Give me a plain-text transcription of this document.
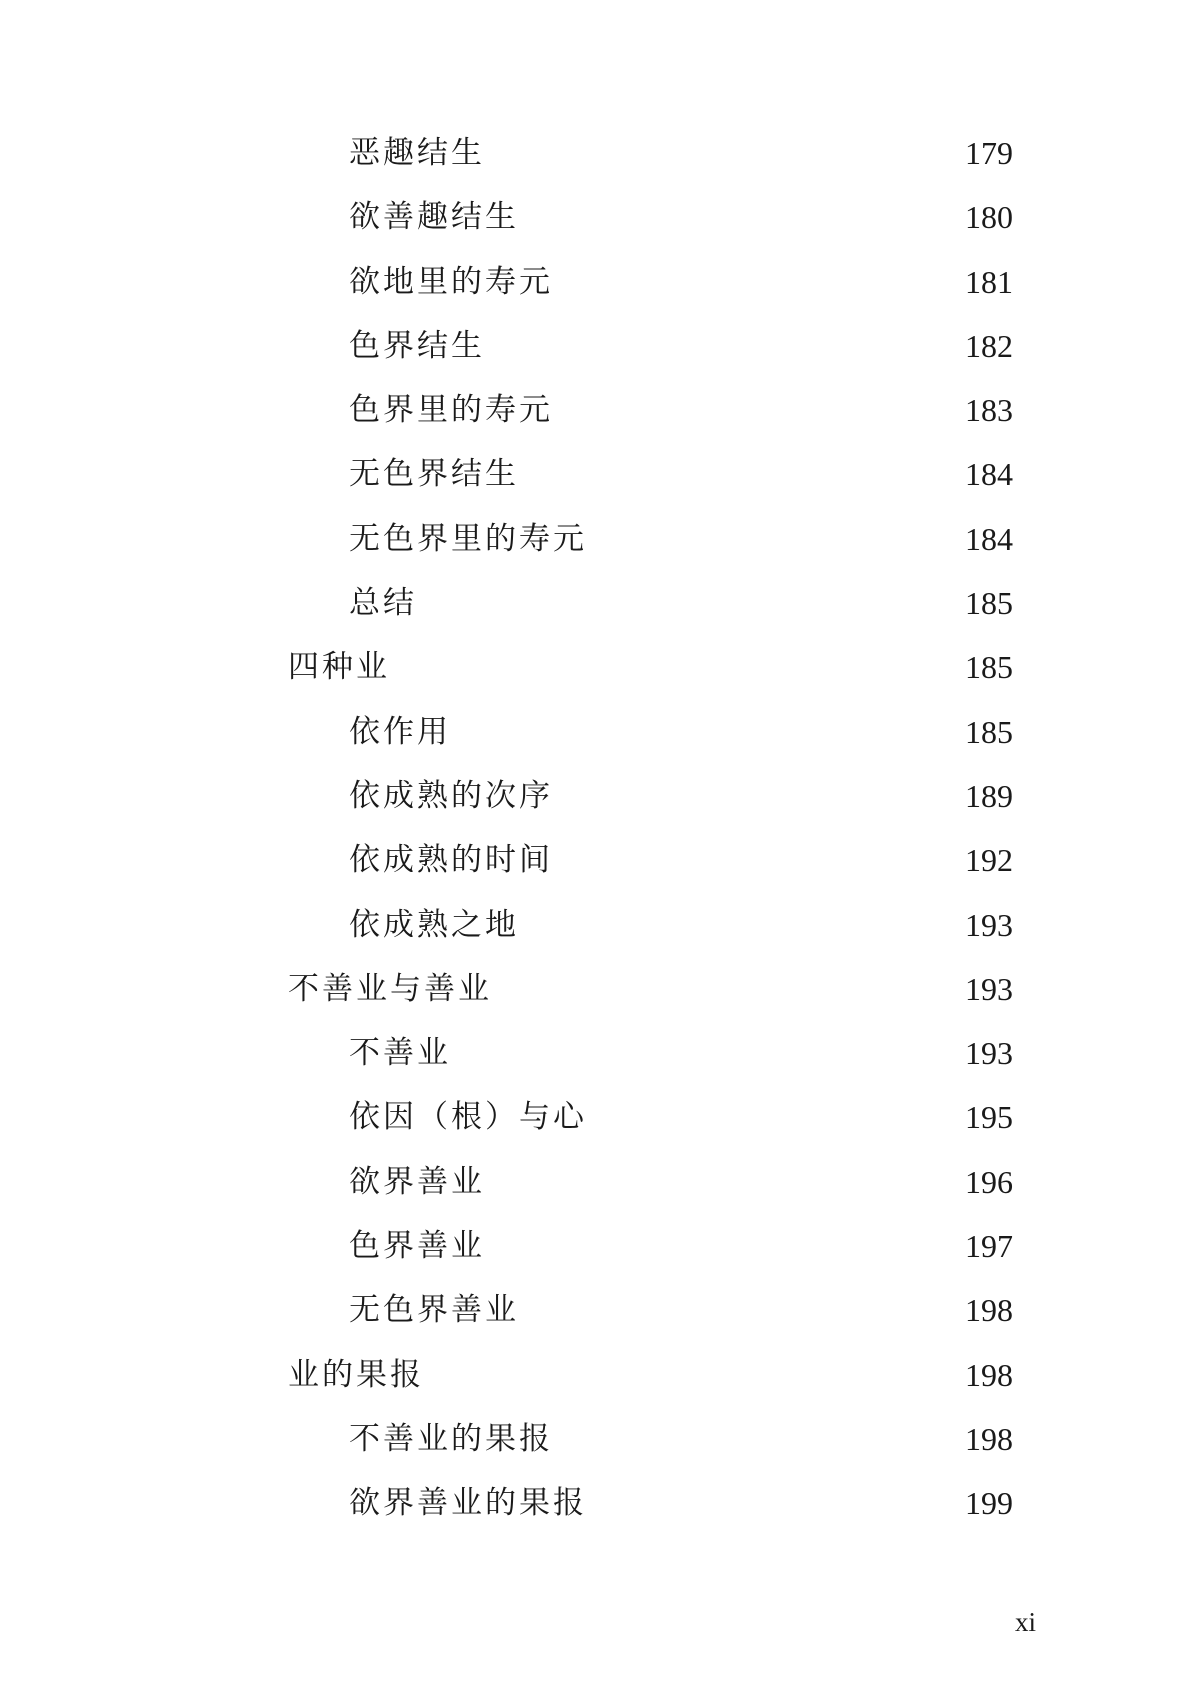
恶趣结生	179
欲善趣结生	180
欲地里的寿元	181
色界结生	182
色界里的寿元	183
无色界结生	184
无色界里的寿元	184
总结	185
四种业	185
依作用	185
依成熟的次序	189
依成熟的时间	192
依成熟之地	193
不善业与善业	193
不善业	193
依因（根）与心	195
欲界善业	196
色界善业	197
无色界善业	198
业的果报	198
不善业的果报	198
欲界善业的果报	199
xi
